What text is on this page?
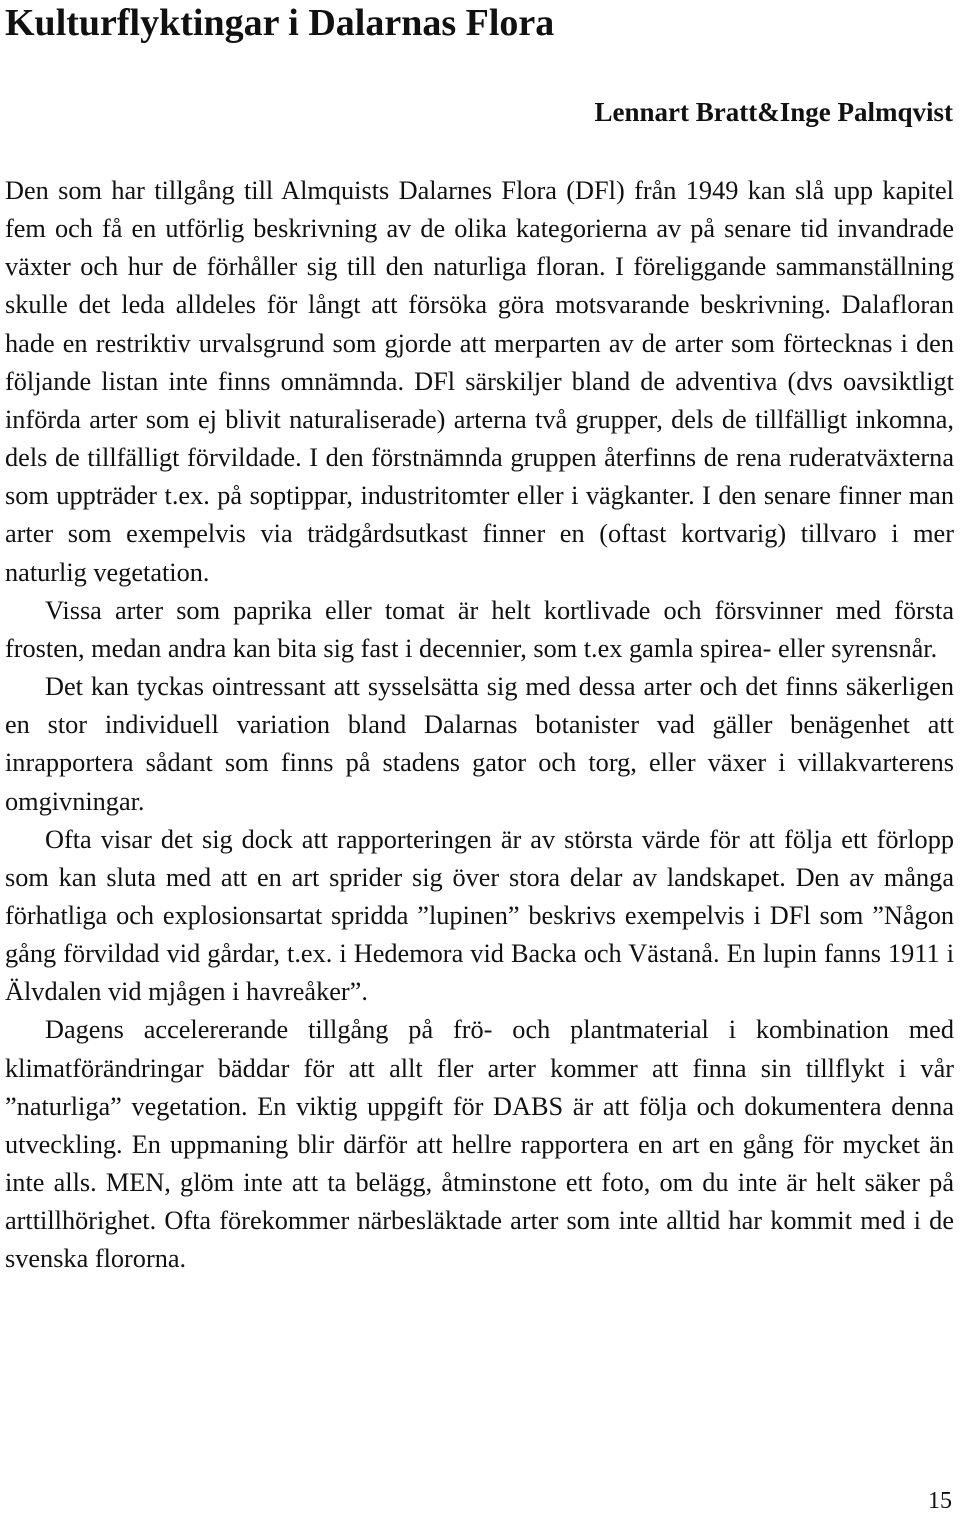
Kulturflyktingar i Dalarnas Flora
Lennart Bratt&Inge Palmqvist

Den som har tillgång till Almquists Dalarnes Flora (DFl) från 1949 kan slå upp kapitel fem och få en utförlig beskrivning av de olika kategorierna av på senare tid invandrade växter och hur de förhåller sig till den naturliga floran. I föreliggande sammanställning skulle det leda alldeles för långt att försöka göra motsvarande beskrivning. Dalafloran hade en restriktiv urvalsgrund som gjorde att merparten av de arter som förtecknas i den följande listan inte finns omnämnda. DFl särskiljer bland de adventiva (dvs oavsiktligt införda arter som ej blivit naturaliserade) arterna två grupper, dels de tillfälligt inkomna, dels de tillfälligt förvildade. I den förstnämnda gruppen återfinns de rena ruderatväxterna som uppträder t.ex. på soptippar, industritomter eller i vägkanter. I den senare finner man arter som exempelvis via trädgårdsutkast finner en (oftast kortvarig) tillvaro i mer naturlig vegetation.

Vissa arter som paprika eller tomat är helt kortlivade och försvinner med första frosten, medan andra kan bita sig fast i decennier, som t.ex gamla spirea- eller syrensnår.

Det kan tyckas ointressant att sysselsätta sig med dessa arter och det finns säkerligen en stor individuell variation bland Dalarnas botanister vad gäller benägenhet att inrapportera sådant som finns på stadens gator och torg, eller växer i villakvarterens omgivningar.

Ofta visar det sig dock att rapporteringen är av största värde för att följa ett förlopp som kan sluta med att en art sprider sig över stora delar av landskapet. Den av många förhatliga och explosionsartat spridda ”lupinen” beskrivs exempelvis i DFl som ”Någon gång förvildad vid gårdar, t.ex. i Hedemora vid Backa och Västanå. En lupin fanns 1911 i Älvdalen vid mjågen i havreåker”.

Dagens accelererande tillgång på frö- och plantmaterial i kombination med klimatförändringar bäddar för att allt fler arter kommer att finna sin tillflykt i vår ”naturliga” vegetation. En viktig uppgift för DABS är att följa och dokumentera denna utveckling. En uppmaning blir därför att hellre rapportera en art en gång för mycket än inte alls. MEN, glöm inte att ta belägg, åtminstone ett foto, om du inte är helt säker på arttillhörighet. Ofta förekommer närbesläktade arter som inte alltid har kommit med i de svenska flororna.

15
